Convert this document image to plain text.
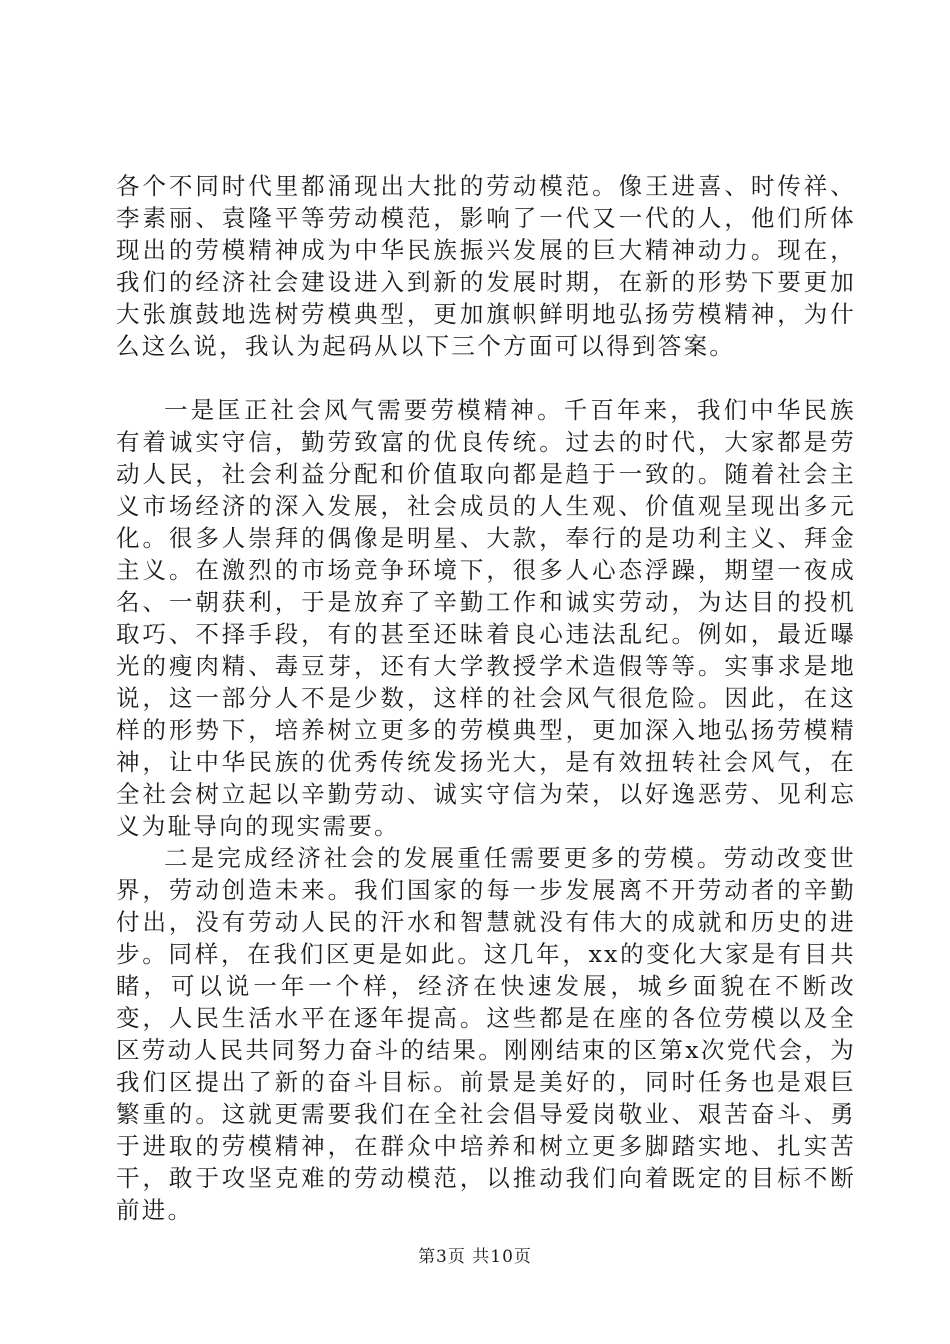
各个不同时代里都涌现出大批的劳动模范。像王进喜、时传祥、李素丽、袁隆平等劳动模范，影响了一代又一代的人，他们所体现出的劳模精神成为中华民族振兴发展的巨大精神动力。现在，我们的经济社会建设进入到新的发展时期，在新的形势下要更加大张旗鼓地选树劳模典型，更加旗帜鲜明地弘扬劳模精神，为什么这么说，我认为起码从以下三个方面可以得到答案。

一是匡正社会风气需要劳模精神。千百年来，我们中华民族有着诚实守信，勤劳致富的优良传统。过去的时代，大家都是劳动人民，社会利益分配和价值取向都是趋于一致的。随着社会主义市场经济的深入发展，社会成员的人生观、价值观呈现出多元化。很多人崇拜的偶像是明星、大款，奉行的是功利主义、拜金主义。在激烈的市场竞争环境下，很多人心态浮躁，期望一夜成名、一朝获利，于是放弃了辛勤工作和诚实劳动，为达目的投机取巧、不择手段，有的甚至还昧着良心违法乱纪。例如，最近曝光的瘦肉精、毒豆芽，还有大学教授学术造假等等。实事求是地说，这一部分人不是少数，这样的社会风气很危险。因此，在这样的形势下，培养树立更多的劳模典型，更加深入地弘扬劳模精神，让中华民族的优秀传统发扬光大，是有效扭转社会风气，在全社会树立起以辛勤劳动、诚实守信为荣，以好逸恶劳、见利忘义为耻导向的现实需要。

二是完成经济社会的发展重任需要更多的劳模。劳动改变世界，劳动创造未来。我们国家的每一步发展离不开劳动者的辛勤付出，没有劳动人民的汗水和智慧就没有伟大的成就和历史的进步。同样，在我们区更是如此。这几年，xx的变化大家是有目共睹，可以说一年一个样，经济在快速发展，城乡面貌在不断改变，人民生活水平在逐年提高。这些都是在座的各位劳模以及全区劳动人民共同努力奋斗的结果。刚刚结束的区第x次党代会，为我们区提出了新的奋斗目标。前景是美好的，同时任务也是艰巨繁重的。这就更需要我们在全社会倡导爱岗敬业、艰苦奋斗、勇于进取的劳模精神，在群众中培养和树立更多脚踏实地、扎实苦干，敢于攻坚克难的劳动模范，以推动我们向着既定的目标不断前进。

第3页 共10页
